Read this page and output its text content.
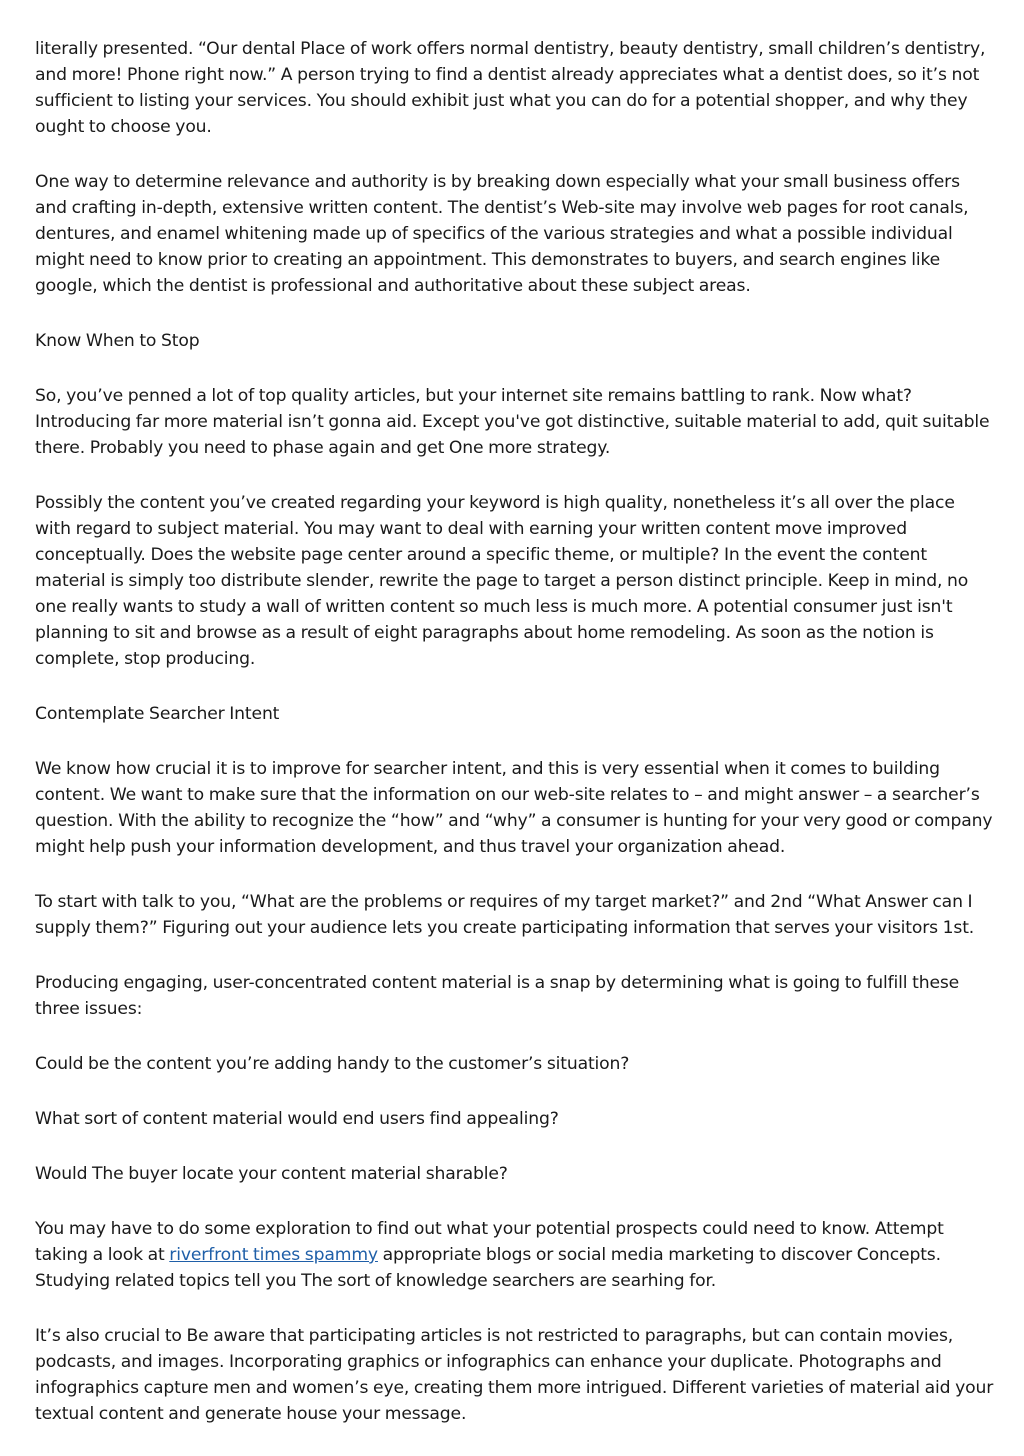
literally presented. “Our dental Place of work offers normal dentistry, beauty dentistry, small children’s dentistry, and more! Phone right now.” A person trying to find a dentist already appreciates what a dentist does, so it’s not sufficient to listing your services. You should exhibit just what you can do for a potential shopper, and why they ought to choose you.

One way to determine relevance and authority is by breaking down especially what your small business offers and crafting in-depth, extensive written content. The dentist’s Web-site may involve web pages for root canals, dentures, and enamel whitening made up of specifics of the various strategies and what a possible individual might need to know prior to creating an appointment. This demonstrates to buyers, and search engines like google, which the dentist is professional and authoritative about these subject areas.

Know When to Stop

So, you’ve penned a lot of top quality articles, but your internet site remains battling to rank. Now what? Introducing far more material isn’t gonna aid. Except you've got distinctive, suitable material to add, quit suitable there. Probably you need to phase again and get One more strategy.

Possibly the content you’ve created regarding your keyword is high quality, nonetheless it’s all over the place with regard to subject material. You may want to deal with earning your written content move improved conceptually. Does the website page center around a specific theme, or multiple? In the event the content material is simply too distribute slender, rewrite the page to target a person distinct principle. Keep in mind, no one really wants to study a wall of written content so much less is much more. A potential consumer just isn't planning to sit and browse as a result of eight paragraphs about home remodeling. As soon as the notion is complete, stop producing.

Contemplate Searcher Intent

We know how crucial it is to improve for searcher intent, and this is very essential when it comes to building content. We want to make sure that the information on our web-site relates to – and might answer – a searcher’s question. With the ability to recognize the “how” and “why” a consumer is hunting for your very good or company might help push your information development, and thus travel your organization ahead.

To start with talk to you, “What are the problems or requires of my target market?” and 2nd “What Answer can I supply them?” Figuring out your audience lets you create participating information that serves your visitors 1st.

Producing engaging, user-concentrated content material is a snap by determining what is going to fulfill these three issues:

Could be the content you’re adding handy to the customer’s situation?

What sort of content material would end users find appealing?

Would The buyer locate your content material sharable?

You may have to do some exploration to find out what your potential prospects could need to know. Attempt taking a look at riverfront times spammy appropriate blogs or social media marketing to discover Concepts. Studying related topics tell you The sort of knowledge searchers are searhing for.

It’s also crucial to Be aware that participating articles is not restricted to paragraphs, but can contain movies, podcasts, and images. Incorporating graphics or infographics can enhance your duplicate. Photographs and infographics capture men and women’s eye, creating them more intrigued. Different varieties of material aid your textual content and generate house your message.
